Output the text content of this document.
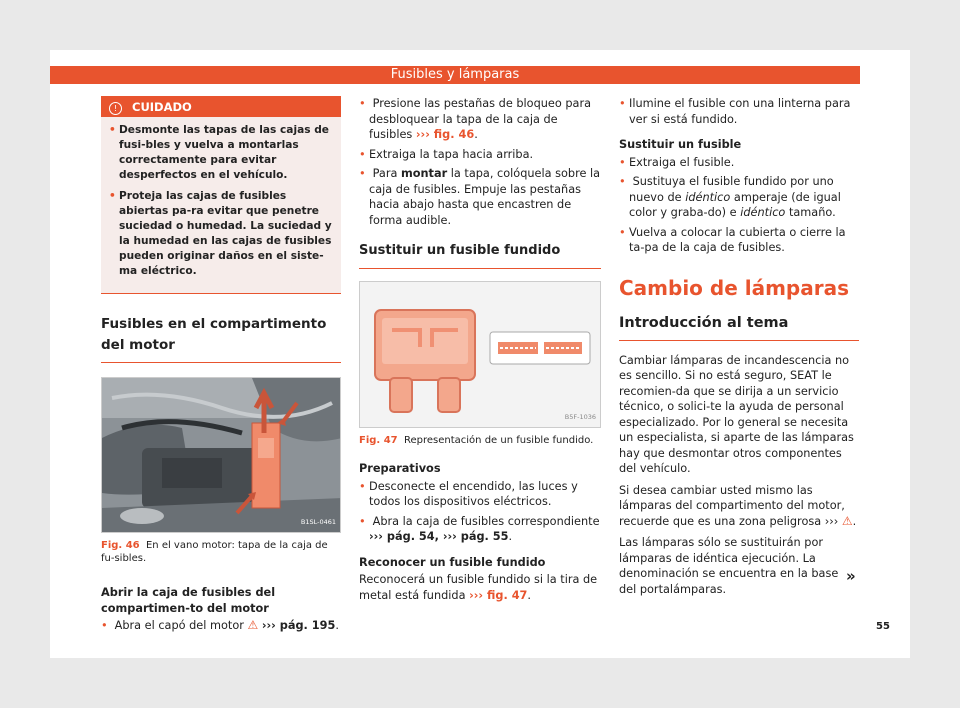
Fusibles y lámparas
! CUIDADO
• Desmonte las tapas de las cajas de fusi-bles y vuelva a montarlas correctamente para evitar desperfectos en el vehículo.
• Proteja las cajas de fusibles abiertas pa-ra evitar que penetre suciedad o humedad. La suciedad y la humedad en las cajas de fusibles pueden originar daños en el siste-ma eléctrico.
Fusibles en el compartimento del motor
B1SL-0461
Fig. 46 En el vano motor: tapa de la caja de fu-sibles.
Abrir la caja de fusibles del compartimen-to del motor
• Abra el capó del motor ⚠ ››› pág. 195.
• Presione las pestañas de bloqueo para desbloquear la tapa de la caja de fusibles ››› fig. 46.
• Extraiga la tapa hacia arriba.
• Para montar la tapa, colóquela sobre la caja de fusibles. Empuje las pestañas hacia abajo hasta que encastren de forma audible.
Sustituir un fusible fundido
B5F-1036
Fig. 47 Representación de un fusible fundido.
Preparativos
• Desconecte el encendido, las luces y todos los dispositivos eléctricos.
• Abra la caja de fusibles correspondiente ››› pág. 54, ››› pág. 55.
Reconocer un fusible fundido

Reconocerá un fusible fundido si la tira de metal está fundida ››› fig. 47.

• Ilumine el fusible con una linterna para ver si está fundido.
Sustituir un fusible
• Extraiga el fusible.
• Sustituya el fusible fundido por uno nuevo de idéntico amperaje (de igual color y graba-do) e idéntico tamaño.
• Vuelva a colocar la cubierta o cierre la ta-pa de la caja de fusibles.
Cambio de lámparas
Introducción al tema

Cambiar lámparas de incandescencia no es sencillo. Si no está seguro, SEAT le recomien-da que se dirija a un servicio técnico, o solici-te la ayuda de personal especializado. Por lo general se necesita un especialista, si aparte de las lámparas hay que desmontar otros componentes del vehículo.

Si desea cambiar usted mismo las lámparas del compartimento del motor, recuerde que es una zona peligrosa ››› ⚠.

Las lámparas sólo se sustituirán por lámparas de idéntica ejecución. La denominación se encuentra en la base del portalámparas.

»
55
